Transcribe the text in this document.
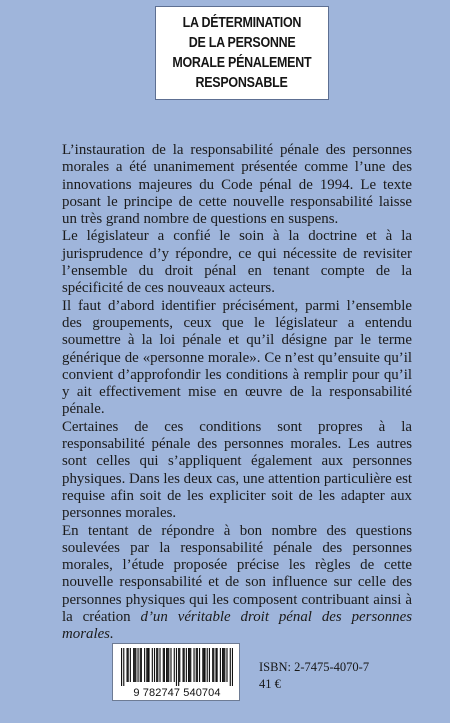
LA DÉTERMINATION
DE LA PERSONNE
MORALE PÉNALEMENT
RESPONSABLE

L’instauration de la responsabilité pénale des personnes morales a été unanimement présentée comme l’une des innovations majeures du Code pénal de 1994. Le texte posant le principe de cette nouvelle responsabilité laisse un très grand nombre de questions en suspens.

Le législateur a confié le soin à la doctrine et à la jurisprudence d’y répondre, ce qui nécessite de revisiter l’ensemble du droit pénal en tenant compte de la spécificité de ces nouveaux acteurs.

Il faut d’abord identifier précisément, parmi l’ensemble des groupements, ceux que le législateur a entendu soumettre à la loi pénale et qu’il désigne par le terme générique de «personne morale». Ce n’est qu’ensuite qu’il convient d’approfondir les conditions à remplir pour qu’il y ait effectivement mise en œuvre de la responsabilité pénale.

Certaines de ces conditions sont propres à la responsabilité pénale des personnes morales. Les autres sont celles qui s’appliquent également aux personnes physiques. Dans les deux cas, une attention particulière est requise afin soit de les expliciter soit de les adapter aux personnes morales.

En tentant de répondre à bon nombre des questions soulevées par la responsabilité pénale des personnes morales, l’étude proposée précise les règles de cette nouvelle responsabilité et de son influence sur celle des personnes physiques qui les composent contribuant ainsi à la création d’un véritable droit pénal des personnes morales.

9 782747 540704
ISBN: 2-7475-4070-7
41 €
